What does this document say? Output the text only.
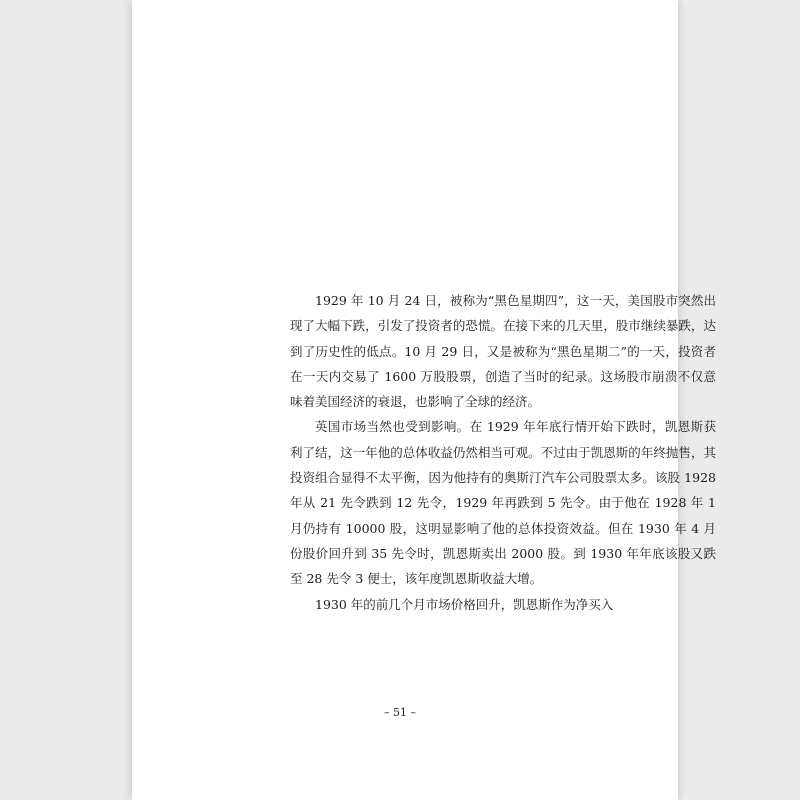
1929 年 10 月 24 日，被称为“黑色星期四”，这一天，美国股市突然出现了大幅下跌，引发了投资者的恐慌。在接下来的几天里，股市继续暴跌，达到了历史性的低点。10 月 29 日，又是被称为“黑色星期二”的一天，投资者在一天内交易了 1600 万股股票，创造了当时的纪录。这场股市崩溃不仅意味着美国经济的衰退，也影响了全球的经济。

英国市场当然也受到影响。在 1929 年年底行情开始下跌时，凯恩斯获利了结，这一年他的总体收益仍然相当可观。不过由于凯恩斯的年终抛售，其投资组合显得不太平衡，因为他持有的奥斯汀汽车公司股票太多。该股 1928 年从 21 先令跌到 12 先令，1929 年再跌到 5 先令。由于他在 1928 年 1 月仍持有 10000 股，这明显影响了他的总体投资效益。但在 1930 年 4 月份股价回升到 35 先令时，凯恩斯卖出 2000 股。到 1930 年年底该股又跌至 28 先令 3 便士，该年度凯恩斯收益大增。

1930 年的前几个月市场价格回升，凯恩斯作为净买入

– 51 –
